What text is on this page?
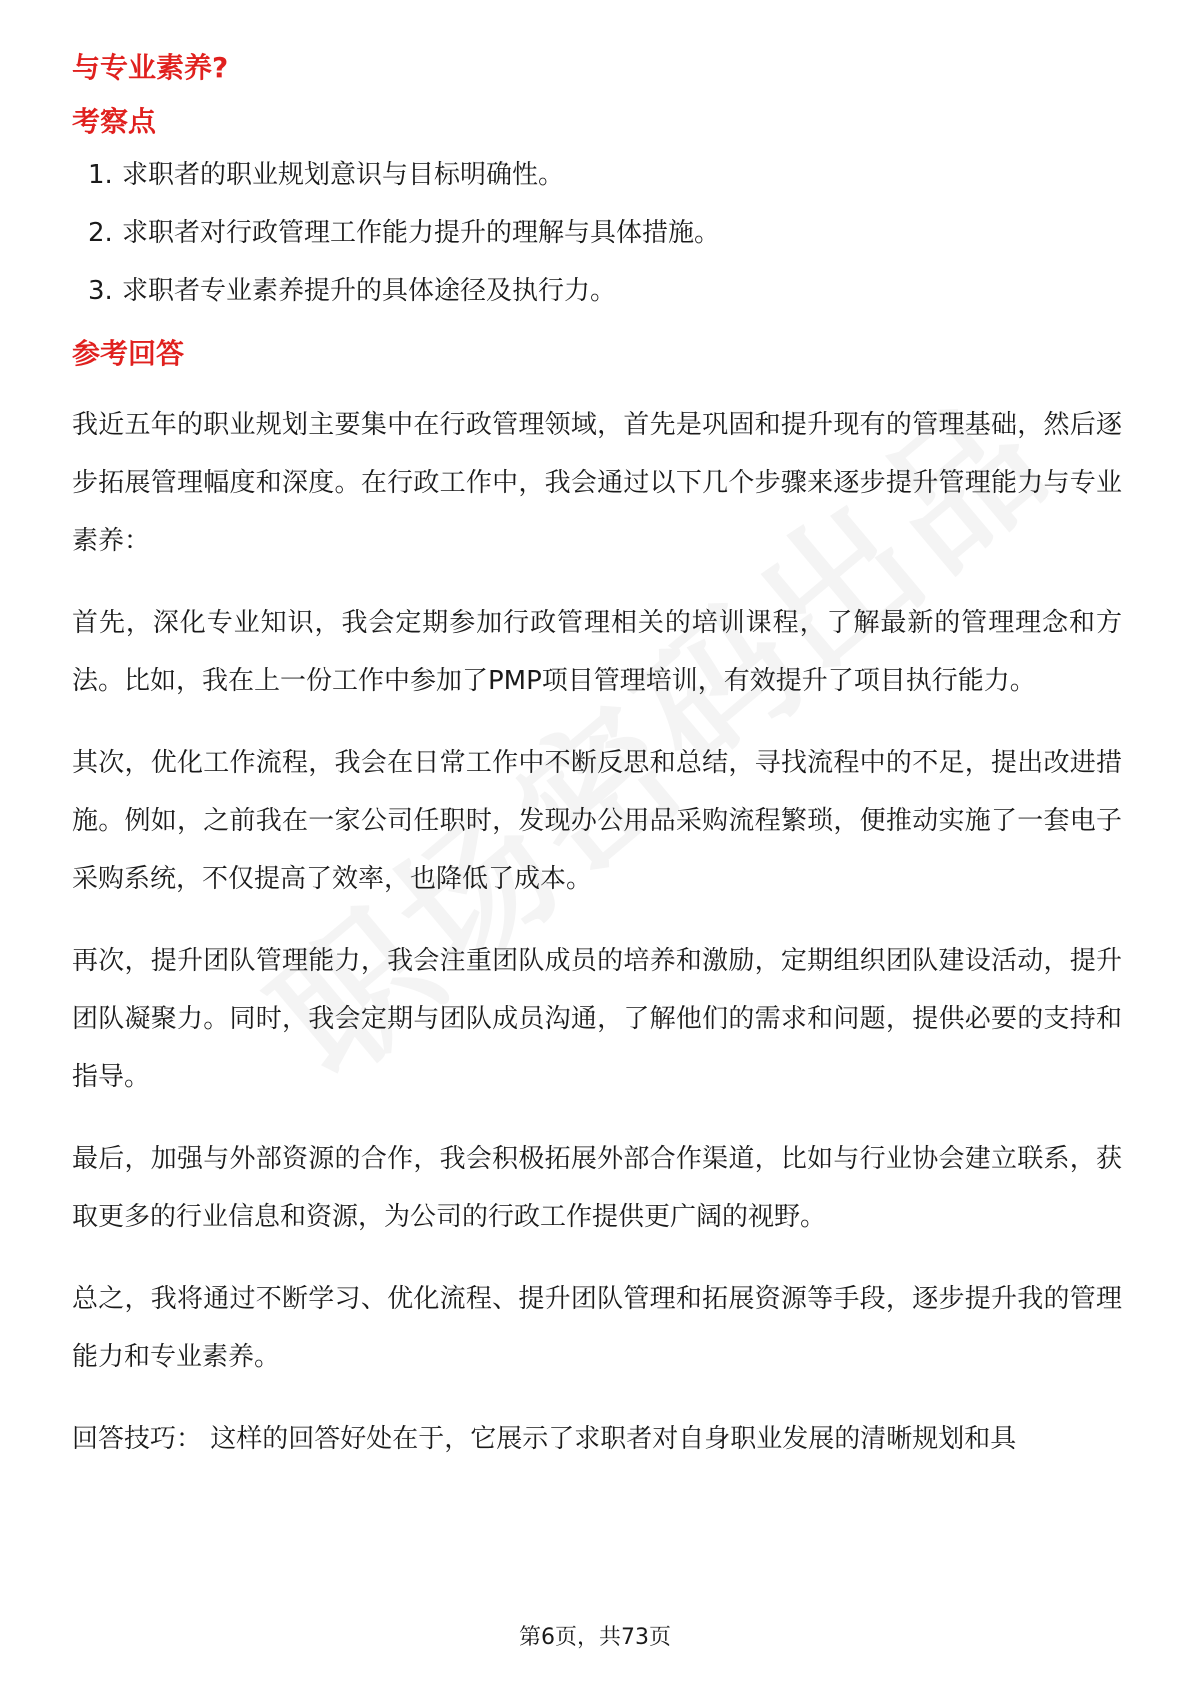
与专业素养?
考察点
1. 求职者的职业规划意识与目标明确性。
2. 求职者对行政管理工作能力提升的理解与具体措施。
3. 求职者专业素养提升的具体途径及执行力。
参考回答

我近五年的职业规划主要集中在行政管理领域，首先是巩固和提升现有的管理基础，然后逐步拓展管理幅度和深度。在行政工作中，我会通过以下几个步骤来逐步提升管理能力与专业素养：

首先，深化专业知识，我会定期参加行政管理相关的培训课程，了解最新的管理理念和方法。比如，我在上一份工作中参加了PMP项目管理培训，有效提升了项目执行能力。

其次，优化工作流程，我会在日常工作中不断反思和总结，寻找流程中的不足，提出改进措施。例如，之前我在一家公司任职时，发现办公用品采购流程繁琐，便推动实施了一套电子采购系统，不仅提高了效率，也降低了成本。

再次，提升团队管理能力，我会注重团队成员的培养和激励，定期组织团队建设活动，提升团队凝聚力。同时，我会定期与团队成员沟通，了解他们的需求和问题，提供必要的支持和指导。

最后，加强与外部资源的合作，我会积极拓展外部合作渠道，比如与行业协会建立联系，获取更多的行业信息和资源，为公司的行政工作提供更广阔的视野。

总之，我将通过不断学习、优化流程、提升团队管理和拓展资源等手段，逐步提升我的管理能力和专业素养。

回答技巧： 这样的回答好处在于，它展示了求职者对自身职业发展的清晰规划和具

第6页，共73页
